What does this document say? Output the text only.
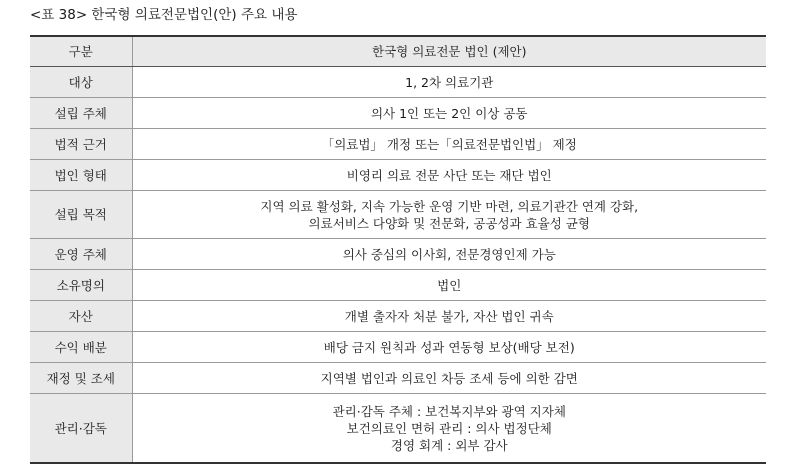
<표 38> 한국형 의료전문법인(안) 주요 내용
구분	한국형 의료전문 법인 (제안)
대상	1, 2차 의료기관

설립 주체	의사 1인 또는 2인 이상 공동

법적 근거	「의료법」 개정 또는「의료전문법인법」 제정

법인 형태	비영리 의료 전문 사단 또는 재단 법인

설립 목적	지역 의료 활성화, 지속 가능한 운영 기반 마련, 의료기관간 연계 강화,
의료서비스 다양화 및 전문화, 공공성과 효율성 균형

운영 주체	의사 중심의 이사회, 전문경영인제 가능

소유명의	법인

자산	개별 출자자 처분 불가, 자산 법인 귀속

수익 배분	배당 금지 원칙과 성과 연동형 보상(배당 보전)

재정 및 조세	지역별 법인과 의료인 차등 조세 등에 의한 감면

관리·감독	관리·감독 주체 : 보건복지부와 광역 지자체
보건의료인 면허 관리 : 의사 법정단체
경영 회계 : 외부 감사
